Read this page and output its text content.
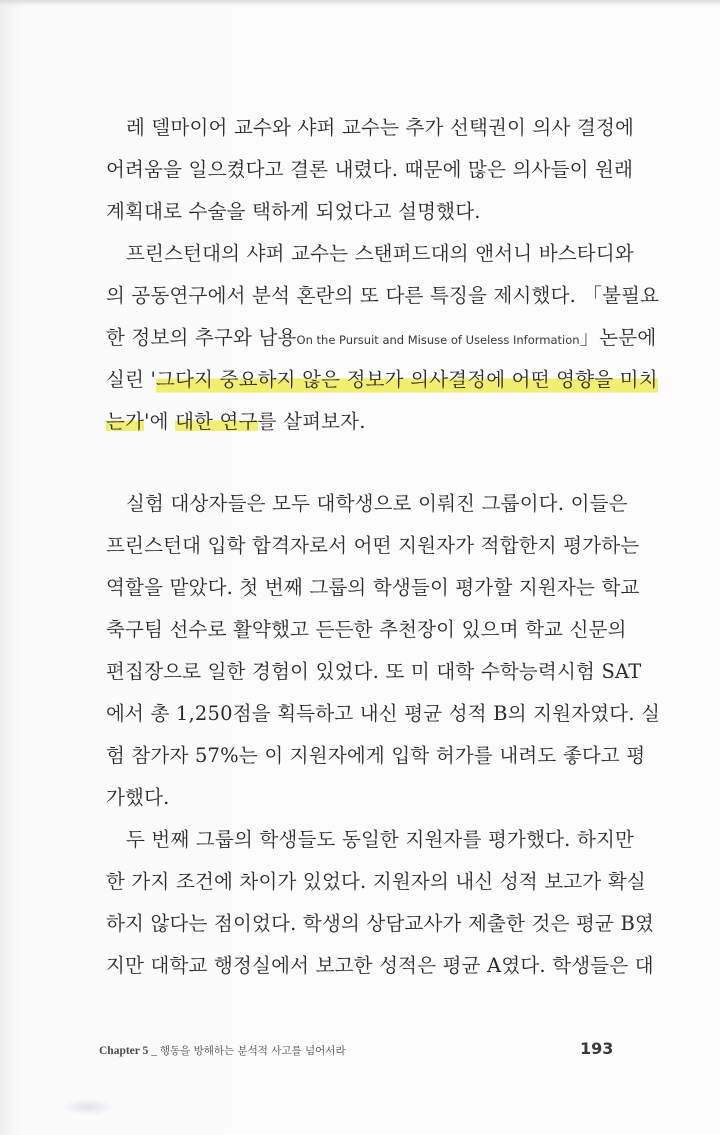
레 델마이어 교수와 샤퍼 교수는 추가 선택권이 의사 결정에
어려움을 일으켰다고 결론 내렸다. 때문에 많은 의사들이 원래
계획대로 수술을 택하게 되었다고 설명했다.
프린스턴대의 샤퍼 교수는 스탠퍼드대의 앤서니 바스타디와
의 공동연구에서 분석 혼란의 또 다른 특징을 제시했다. 「불필요
한 정보의 추구와 남용 On the Pursuit and Misuse of Useless Information 」논문에
실린 ' 그다지 중요하지 않은 정보가 의사결정에 어떤 영향을 미치
는가'에 대한 연구를 살펴보자.
실험 대상자들은 모두 대학생으로 이뤄진 그룹이다. 이들은
프린스턴대 입학 합격자로서 어떤 지원자가 적합한지 평가하는
역할을 맡았다. 첫 번째 그룹의 학생들이 평가할 지원자는 학교
축구팀 선수로 활약했고 든든한 추천장이 있으며 학교 신문의
편집장으로 일한 경험이 있었다. 또 미 대학 수학능력시험 SAT
에서 총 1,250점을 획득하고 내신 평균 성적 B의 지원자였다. 실
험 참가자 57%는 이 지원자에게 입학 허가를 내려도 좋다고 평
가했다.
두 번째 그룹의 학생들도 동일한 지원자를 평가했다. 하지만
한 가지 조건에 차이가 있었다. 지원자의 내신 성적 보고가 확실
하지 않다는 점이었다. 학생의 상담교사가 제출한 것은 평균 B였
지만 대학교 행정실에서 보고한 성적은 평균 A였다. 학생들은 대
Chapter 5 _ 행동을 방해하는 분석적 사고를 넘어서라	193
